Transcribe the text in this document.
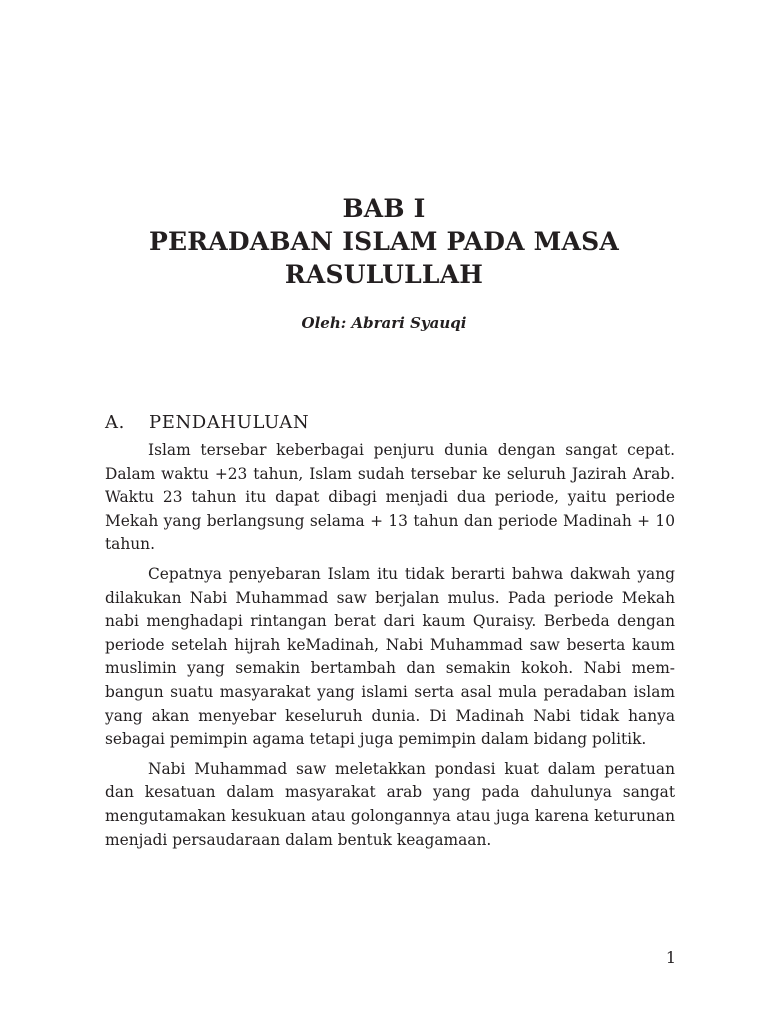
BAB I
PERADABAN ISLAM PADA MASA
RASULULLAH
Oleh: Abrari Syauqi
A. PENDAHULUAN

Islam tersebar keberbagai penjuru dunia dengan sangat cepat. Dalam waktu +23 tahun, Islam sudah tersebar ke seluruh Jazirah Arab. Waktu 23 tahun itu dapat dibagi menjadi dua periode, yaitu periode Mekah yang berlangsung selama + 13 tahun dan periode Madinah + 10 tahun.

Cepatnya penyebaran Islam itu tidak berarti bahwa dakwah yang dilakukan Nabi Muhammad saw berjalan mulus. Pada periode Mekah nabi menghadapi rintangan berat dari kaum Quraisy. Berbeda dengan periode setelah hijrah keMadinah, Nabi Muhammad saw beserta kaum muslimin yang semakin bertambah dan semakin kokoh. Nabi mem-bangun suatu masyarakat yang islami serta asal mula peradaban islam yang akan menyebar keseluruh dunia. Di Madinah Nabi tidak hanya sebagai pemimpin agama tetapi juga pemimpin dalam bidang politik.

Nabi Muhammad saw meletakkan pondasi kuat dalam peratuan dan kesatuan dalam masyarakat arab yang pada dahulunya sangat mengutamakan kesukuan atau golongannya atau juga karena keturunan menjadi persaudaraan dalam bentuk keagamaan.

1
